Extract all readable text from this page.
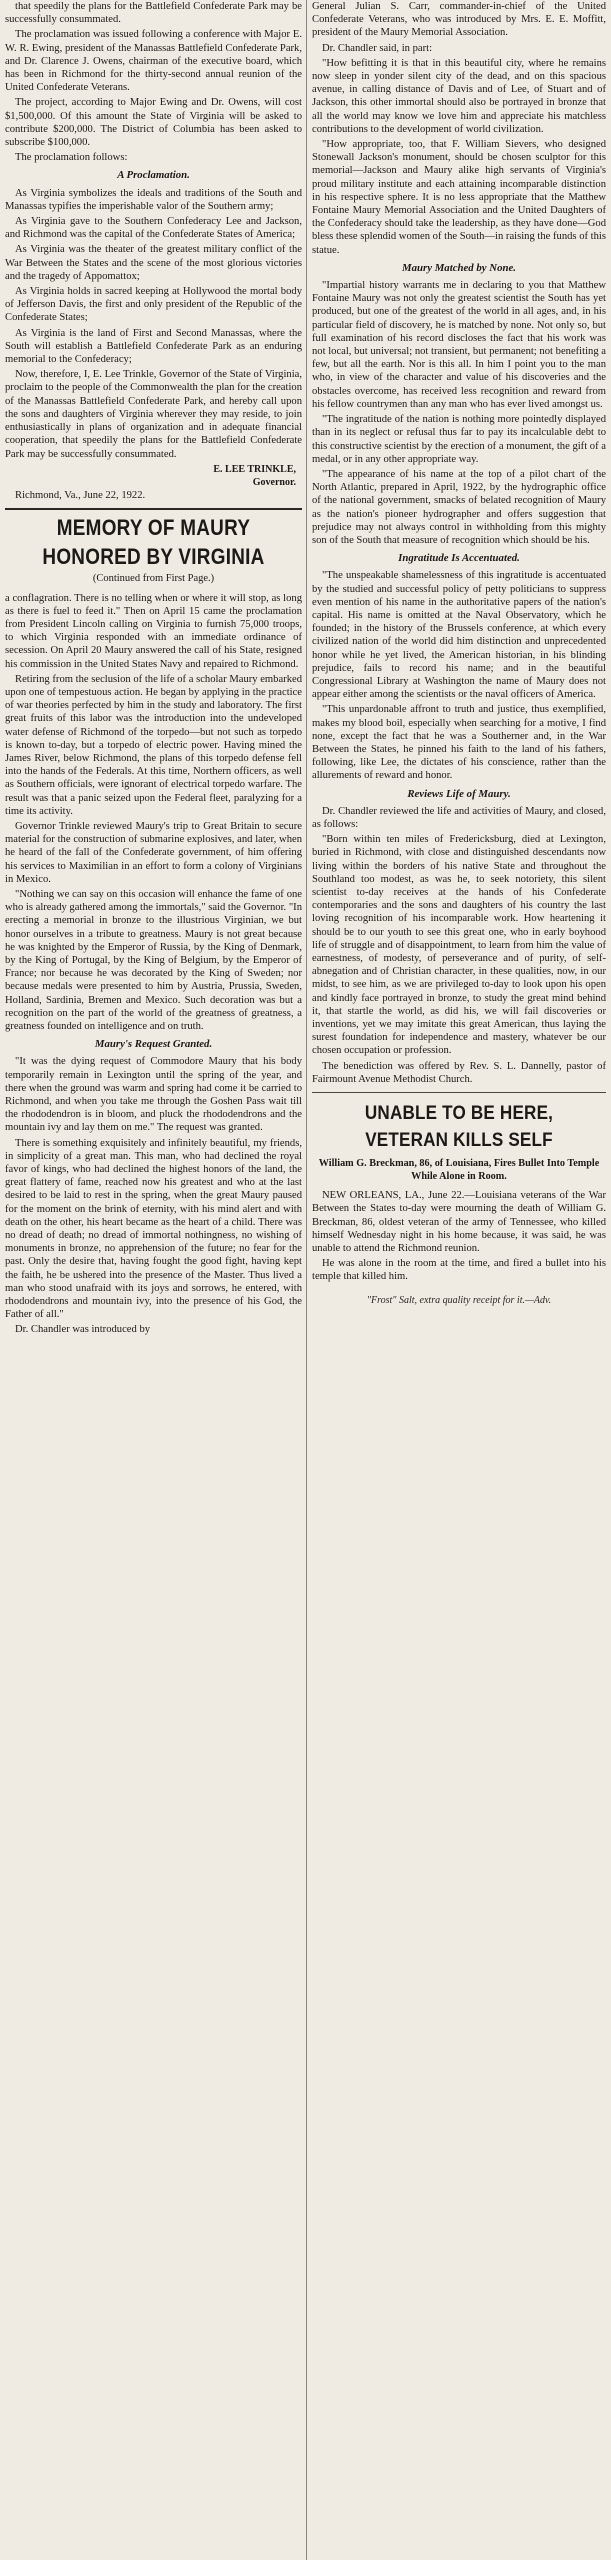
that speedily the plans for the Battlefield Confederate Park may be successfully consummated.

The proclamation was issued following a conference with Major E. W. R. Ewing, president of the Manassas Battlefield Confederate Park, and Dr. Clarence J. Owens, chairman of the executive board, which has been in Richmond for the thirty-second annual reunion of the United Confederate Veterans.

The project, according to Major Ewing and Dr. Owens, will cost $1,500,000. Of this amount the State of Virginia will be asked to contribute $200,000. The District of Columbia has been asked to subscribe $100,000.

The proclamation follows:

A Proclamation.

As Virginia symbolizes the ideals and traditions of the South and Manassas typifies the imperishable valor of the Southern army;

As Virginia gave to the Southern Confederacy Lee and Jackson, and Richmond was the capital of the Confederate States of America;

As Virginia was the theater of the greatest military conflict of the War Between the States and the scene of the most glorious victories and the tragedy of Appomattox;

As Virginia holds in sacred keeping at Hollywood the mortal body of Jefferson Davis, the first and only president of the Republic of the Confederate States;

As Virginia is the land of First and Second Manassas, where the South will establish a Battlefield Confederate Park as an enduring memorial to the Confederacy;

Now, therefore, I, E. Lee Trinkle, Governor of the State of Virginia, proclaim to the people of the Commonwealth the plan for the creation of the Manassas Battlefield Confederate Park, and hereby call upon the sons and daughters of Virginia wherever they may reside, to join enthusiastically in plans of organization and in adequate financial cooperation, that speedily the plans for the Battlefield Confederate Park may be successfully consummated.

E. LEE TRINKLE,
Governor.
Richmond, Va., June 22, 1922.
MEMORY OF MAURY
HONORED BY VIRGINIA
(Continued from First Page.)

a conflagration. There is no telling when or where it will stop, as long as there is fuel to feed it." Then on April 15 came the proclamation from President Lincoln calling on Virginia to furnish 75,000 troops, to which Virginia responded with an immediate ordinance of secession. On April 20 Maury answered the call of his State, resigned his commission in the United States Navy and repaired to Richmond.

Retiring from the seclusion of the life of a scholar Maury embarked upon one of tempestuous action. He began by applying in the practice of war theories perfected by him in the study and laboratory. The first great fruits of this labor was the introduction into the undeveloped water defense of Richmond of the torpedo—but not such as torpedo is known to-day, but a torpedo of electric power. Having mined the James River, below Richmond, the plans of this torpedo defense fell into the hands of the Federals. At this time, Northern officers, as well as Southern officials, were ignorant of electrical torpedo warfare. The result was that a panic seized upon the Federal fleet, paralyzing for a time its activity.

Governor Trinkle reviewed Maury's trip to Great Britain to secure material for the construction of submarine explosives, and later, when he heard of the fall of the Confederate government, of him offering his services to Maximilian in an effort to form a colony of Virginians in Mexico.

"Nothing we can say on this occasion will enhance the fame of one who is already gathered among the immortals," said the Governor. "In erecting a memorial in bronze to the illustrious Virginian, we but honor ourselves in a tribute to greatness. Maury is not great because he was knighted by the Emperor of Russia, by the King of Denmark, by the King of Portugal, by the King of Belgium, by the Emperor of France; nor because he was decorated by the King of Sweden; nor because medals were presented to him by Austria, Prussia, Sweden, Holland, Sardinia, Bremen and Mexico. Such decoration was but a recognition on the part of the world of the greatness of greatness, a greatness founded on intelligence and on truth.

Maury's Request Granted.

"It was the dying request of Commodore Maury that his body temporarily remain in Lexington until the spring of the year, and there when the ground was warm and spring had come it be carried to Richmond, and when you take me through the Goshen Pass wait till the rhododendron is in bloom, and pluck the rhododendrons and the mountain ivy and lay them on me." The request was granted.

There is something exquisitely and infinitely beautiful, my friends, in simplicity of a great man. This man, who had declined the royal favor of kings, who had declined the highest honors of the land, the great flattery of fame, reached now his greatest and who at the last desired to be laid to rest in the spring, when the great Maury paused for the moment on the brink of eternity, with his mind alert and with death on the other, his heart became as the heart of a child. There was no dread of death; no dread of immortal nothingness, no wishing of monuments in bronze, no apprehension of the future; no fear for the past. Only the desire that, having fought the good fight, having kept the faith, he be ushered into the presence of the Master. Thus lived a man who stood unafraid with its joys and sorrows, he entered, with rhododendrons and mountain ivy, into the presence of his God, the Father of all."

Dr. Chandler was introduced by

General Julian S. Carr, commander-in-chief of the United Confederate Veterans, who was introduced by Mrs. E. E. Moffitt, president of the Maury Memorial Association.

Dr. Chandler said, in part:

"How befitting it is that in this beautiful city, where he remains now sleep in yonder silent city of the dead, and on this spacious avenue, in calling distance of Davis and of Lee, of Stuart and of Jackson, this other immortal should also be portrayed in bronze that all the world may know we love him and appreciate his matchless contributions to the development of world civilization.

"How appropriate, too, that F. William Sievers, who designed Stonewall Jackson's monument, should be chosen sculptor for this memorial—Jackson and Maury alike high servants of Virginia's proud military institute and each attaining incomparable distinction in his respective sphere. It is no less appropriate that the Matthew Fontaine Maury Memorial Association and the United Daughters of the Confederacy should take the leadership, as they have done—God bless these splendid women of the South—in raising the funds of this statue.

Maury Matched by None.

"Impartial history warrants me in declaring to you that Matthew Fontaine Maury was not only the greatest scientist the South has yet produced, but one of the greatest of the world in all ages, and, in his particular field of discovery, he is matched by none. Not only so, but full examination of his record discloses the fact that his work was not local, but universal; not transient, but permanent; not benefiting a few, but all the earth. Nor is this all. In him I point you to the man who, in view of the character and value of his discoveries and the obstacles overcome, has received less recognition and reward from his fellow countrymen than any man who has ever lived amongst us.

"The ingratitude of the nation is nothing more pointedly displayed than in its neglect or refusal thus far to pay its incalculable debt to this constructive scientist by the erection of a monument, the gift of a medal, or in any other appropriate way.

"The appearance of his name at the top of a pilot chart of the North Atlantic, prepared in April, 1922, by the hydrographic office of the national government, smacks of belated recognition of Maury as the nation's pioneer hydrographer and offers suggestion that prejudice may not always control in withholding from this mighty son of the South that measure of recognition which should be his.

Ingratitude Is Accentuated.

"The unspeakable shamelessness of this ingratitude is accentuated by the studied and successful policy of petty politicians to suppress even mention of his name in the authoritative papers of the nation's capital. His name is omitted at the Naval Observatory, which he founded; in the history of the Brussels conference, at which every civilized nation of the world did him distinction and unprecedented honor while he yet lived, the American historian, in his blinding prejudice, fails to record his name; and in the beautiful Congressional Library at Washington the name of Maury does not appear either among the scientists or the naval officers of America.

"This unpardonable affront to truth and justice, thus exemplified, makes my blood boil, especially when searching for a motive, I find none, except the fact that he was a Southerner and, in the War Between the States, he pinned his faith to the land of his fathers, following, like Lee, the dictates of his conscience, rather than the allurements of reward and honor.

Reviews Life of Maury.

Dr. Chandler reviewed the life and activities of Maury, and closed, as follows:

"Born within ten miles of Fredericksburg, died at Lexington, buried in Richmond, with close and distinguished descendants now living within the borders of his native State and throughout the Southland too modest, as was he, to seek notoriety, this silent scientist to-day receives at the hands of his Confederate contemporaries and the sons and daughters of his country the last loving recognition of his incomparable work. How heartening it should be to our youth to see this great one, who in early boyhood life of struggle and of disappointment, to learn from him the value of earnestness, of modesty, of perseverance and of purity, of self-abnegation and of Christian character, in these qualities, now, in our midst, to see him, as we are privileged to-day to look upon his open and kindly face portrayed in bronze, to study the great mind behind it, that startle the world, as did his, we will fail discoveries or inventions, yet we may imitate this great American, thus laying the surest foundation for independence and mastery, whatever be our chosen occupation or profession.

The benediction was offered by Rev. S. L. Dannelly, pastor of Fairmount Avenue Methodist Church.

UNABLE TO BE HERE,
VETERAN KILLS SELF
William G. Breckman, 86, of Louisiana, Fires Bullet Into Temple While Alone in Room.

NEW ORLEANS, LA., June 22.—Louisiana veterans of the War Between the States to-day were mourning the death of William G. Breckman, 86, oldest veteran of the army of Tennessee, who killed himself Wednesday night in his home because, it was said, he was unable to attend the Richmond reunion.

He was alone in the room at the time, and fired a bullet into his temple that killed him.

"Frost" Salt, extra quality receipt for it.—Adv.
